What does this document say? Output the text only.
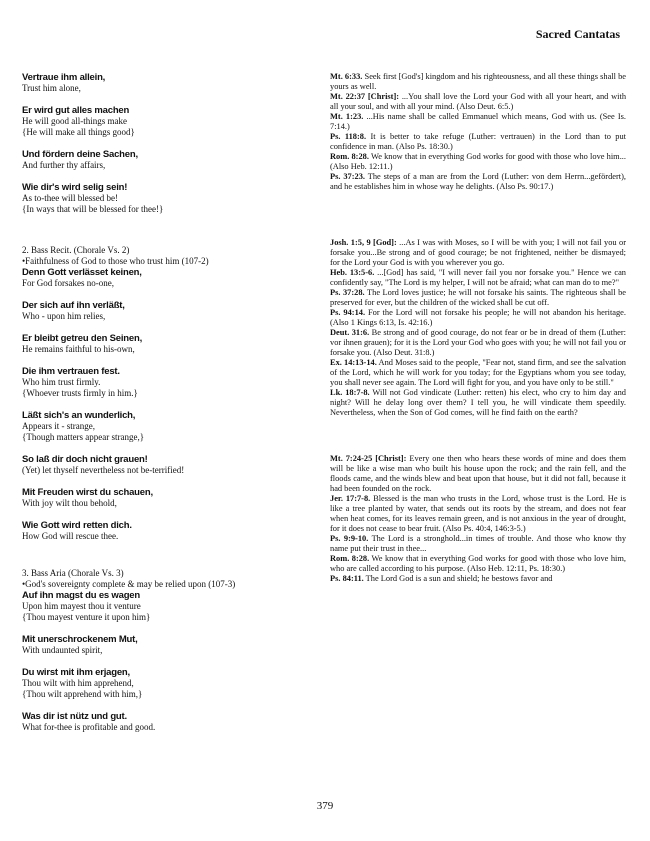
Sacred Cantatas
Vertraue ihm allein,
Trust him alone,
Er wird gut alles machen
He will good all-things make
{He will make all things good}
Und fördern deine Sachen,
And further thy affairs,
Wie dir's wird selig sein!
As to-thee will blessed be!
{In ways that will be blessed for thee!}
2. Bass Recit. (Chorale Vs. 2)
•Faithfulness of God to those who trust him (107-2)
Denn Gott verlässet keinen,
For God forsakes no-one,
Der sich auf ihn verläßt,
Who - upon him relies,
Er bleibt getreu den Seinen,
He remains faithful to his-own,
Die ihm vertrauen fest.
Who him trust firmly.
{Whoever trusts firmly in him.}
Läßt sich's an wunderlich,
Appears it - strange,
{Though matters appear strange,}
So laß dir doch nicht grauen!
(Yet) let thyself nevertheless not be-terrified!
Mit Freuden wirst du schauen,
With joy wilt thou behold,
Wie Gott wird retten dich.
How God will rescue thee.
3. Bass Aria (Chorale Vs. 3)
•God's sovereignty complete & may be relied upon (107-3)
Auf ihn magst du es wagen
Upon him mayest thou it venture
{Thou mayest venture it upon him}
Mit unerschrockenem Mut,
With undaunted spirit,
Du wirst mit ihm erjagen,
Thou wilt with him apprehend,
{Thou wilt apprehend with him,}
Was dir ist nütz und gut.
What for-thee is profitable and good.

Mt. 6:33. Seek first [God's] kingdom and his righteousness, and all these things shall be yours as well.

Mt. 22:37 [Christ]: ...You shall love the Lord your God with all your heart, and with all your soul, and with all your mind. (Also Deut. 6:5.)

Mt. 1:23. ...His name shall be called Emmanuel which means, God with us. (See Is. 7:14.)

Ps. 118:8. It is better to take refuge (Luther: vertrauen) in the Lord than to put confidence in man. (Also Ps. 18:30.)

Rom. 8:28. We know that in everything God works for good with those who love him... (Also Heb. 12:11.)

Ps. 37:23. The steps of a man are from the Lord (Luther: von dem Herrn...gefördert), and he establishes him in whose way he delights. (Also Ps. 90:17.)

Josh. 1:5, 9 [God]: ...As I was with Moses, so I will be with you; I will not fail you or forsake you...Be strong and of good courage; be not frightened, neither be dismayed; for the Lord your God is with you wherever you go.

Heb. 13:5-6. ...[God] has said, "I will never fail you nor forsake you." Hence we can confidently say, "The Lord is my helper, I will not be afraid; what can man do to me?"

Ps. 37:28. The Lord loves justice; he will not forsake his saints. The righteous shall be preserved for ever, but the children of the wicked shall be cut off.

Ps. 94:14. For the Lord will not forsake his people; he will not abandon his heritage. (Also 1 Kings 6:13, Is. 42:16.)

Deut. 31:6. Be strong and of good courage, do not fear or be in dread of them (Luther: vor ihnen grauen); for it is the Lord your God who goes with you; he will not fail you or forsake you. (Also Deut. 31:8.)

Ex. 14:13-14. And Moses said to the people, "Fear not, stand firm, and see the salvation of the Lord, which he will work for you today; for the Egyptians whom you see today, you shall never see again. The Lord will fight for you, and you have only to be still."

Lk. 18:7-8. Will not God vindicate (Luther: retten) his elect, who cry to him day and night? Will he delay long over them? I tell you, he will vindicate them speedily. Nevertheless, when the Son of God comes, will he find faith on the earth?

Mt. 7:24-25 [Christ]: Every one then who hears these words of mine and does them will be like a wise man who built his house upon the rock; and the rain fell, and the floods came, and the winds blew and beat upon that house, but it did not fall, because it had been founded on the rock.

Jer. 17:7-8. Blessed is the man who trusts in the Lord, whose trust is the Lord. He is like a tree planted by water, that sends out its roots by the stream, and does not fear when heat comes, for its leaves remain green, and is not anxious in the year of drought, for it does not cease to bear fruit. (Also Ps. 40:4, 146:3-5.)

Ps. 9:9-10. The Lord is a stronghold...in times of trouble. And those who know thy name put their trust in thee...

Rom. 8:28. We know that in everything God works for good with those who love him, who are called according to his purpose. (Also Heb. 12:11, Ps. 18:30.)

Ps. 84:11. The Lord God is a sun and shield; he bestows favor and

379
